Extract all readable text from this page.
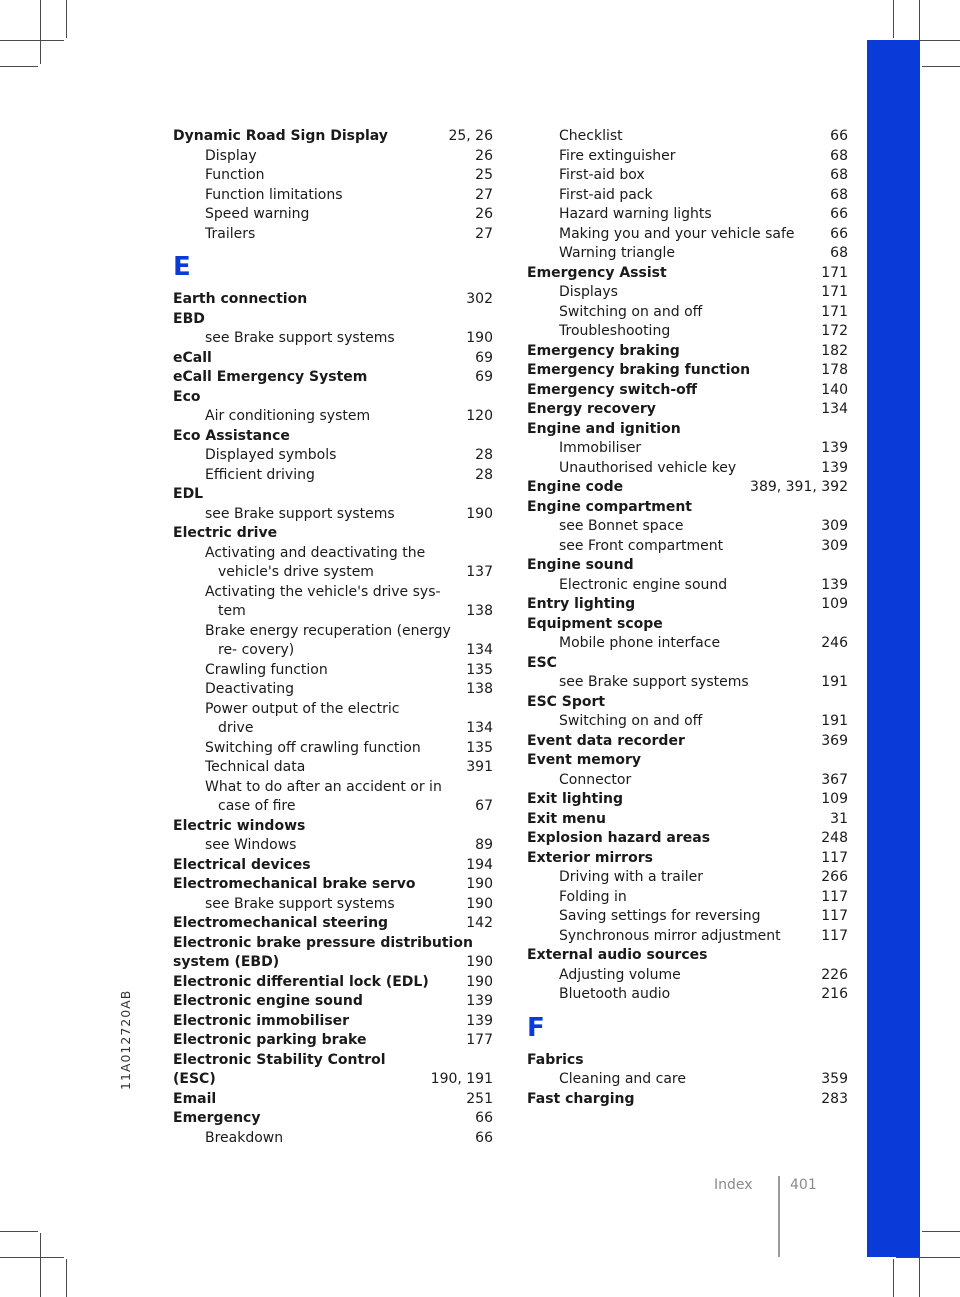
11A012720AB
Dynamic Road Sign Display	25, 26
Display	26
Function	25
Function limitations	27
Speed warning	26
Trailers	27
E
Earth connection	302
EBD
see Brake support systems	190
eCall	69
eCall Emergency System	69
Eco
Air conditioning system	120
Eco Assistance
Displayed symbols	28
Efficient driving	28
EDL
see Brake support systems	190
Electric drive
Activating and deactivating the vehicle's drive system	137
Activating the vehicle's drive sys- tem	138
Brake energy recuperation (energy re- covery)	134
Crawling function	135
Deactivating	138
Power output of the electric drive	134
Switching off crawling function	135
Technical data	391
What to do after an accident or in case of fire	67
Electric windows
see Windows	89
Electrical devices	194
Electromechanical brake servo	190
see Brake support systems	190
Electromechanical steering	142
Electronic brake pressure distribution system (EBD)	190
Electronic differential lock (EDL)	190
Electronic engine sound	139
Electronic immobiliser	139
Electronic parking brake	177
Electronic Stability Control (ESC)	190, 191
Email	251
Emergency	66
Breakdown	66
Checklist	66
Fire extinguisher	68
First-aid box	68
First-aid pack	68
Hazard warning lights	66
Making you and your vehicle safe	66
Warning triangle	68
Emergency Assist	171
Displays	171
Switching on and off	171
Troubleshooting	172
Emergency braking	182
Emergency braking function	178
Emergency switch-off	140
Energy recovery	134
Engine and ignition
Immobiliser	139
Unauthorised vehicle key	139
Engine code	389, 391, 392
Engine compartment
see Bonnet space	309
see Front compartment	309
Engine sound
Electronic engine sound	139
Entry lighting	109
Equipment scope
Mobile phone interface	246
ESC
see Brake support systems	191
ESC Sport
Switching on and off	191
Event data recorder	369
Event memory
Connector	367
Exit lighting	109
Exit menu	31
Explosion hazard areas	248
Exterior mirrors	117
Driving with a trailer	266
Folding in	117
Saving settings for reversing	117
Synchronous mirror adjustment	117
External audio sources
Adjusting volume	226
Bluetooth audio	216
F
Fabrics
Cleaning and care	359
Fast charging	283
Index	401
